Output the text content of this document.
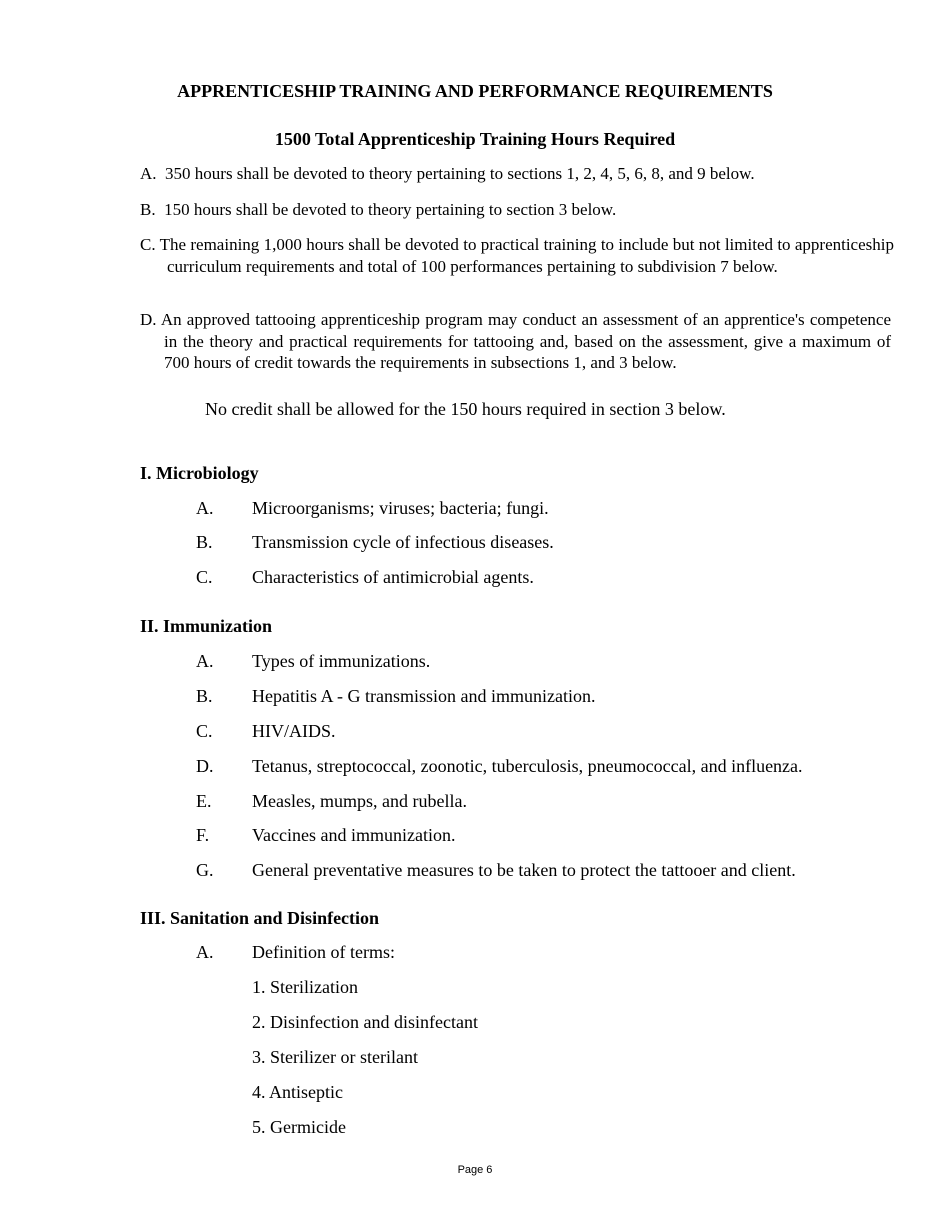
APPRENTICESHIP TRAINING AND PERFORMANCE REQUIREMENTS
1500 Total Apprenticeship Training Hours Required
A. 350 hours shall be devoted to theory pertaining to sections 1, 2, 4, 5, 6, 8, and 9 below.
B. 150 hours shall be devoted to theory pertaining to section 3 below.
C. The remaining 1,000 hours shall be devoted to practical training to include but not limited to apprenticeship curriculum requirements and total of 100 performances pertaining to subdivision 7 below.
D. An approved tattooing apprenticeship program may conduct an assessment of an apprentice's competence in the theory and practical requirements for tattooing and, based on the assessment, give a maximum of 700 hours of credit towards the requirements in subsections 1, and 3 below.
No credit shall be allowed for the 150 hours required in section 3 below.
I. Microbiology
A. Microorganisms; viruses; bacteria; fungi.
B. Transmission cycle of infectious diseases.
C. Characteristics of antimicrobial agents.
II. Immunization
A. Types of immunizations.
B. Hepatitis A - G transmission and immunization.
C. HIV/AIDS.
D. Tetanus, streptococcal, zoonotic, tuberculosis, pneumococcal, and influenza.
E. Measles, mumps, and rubella.
F. Vaccines and immunization.
G. General preventative measures to be taken to protect the tattooer and client.
III. Sanitation and Disinfection
A. Definition of terms:
1. Sterilization
2. Disinfection and disinfectant
3. Sterilizer or sterilant
4. Antiseptic
5. Germicide
Page 6
